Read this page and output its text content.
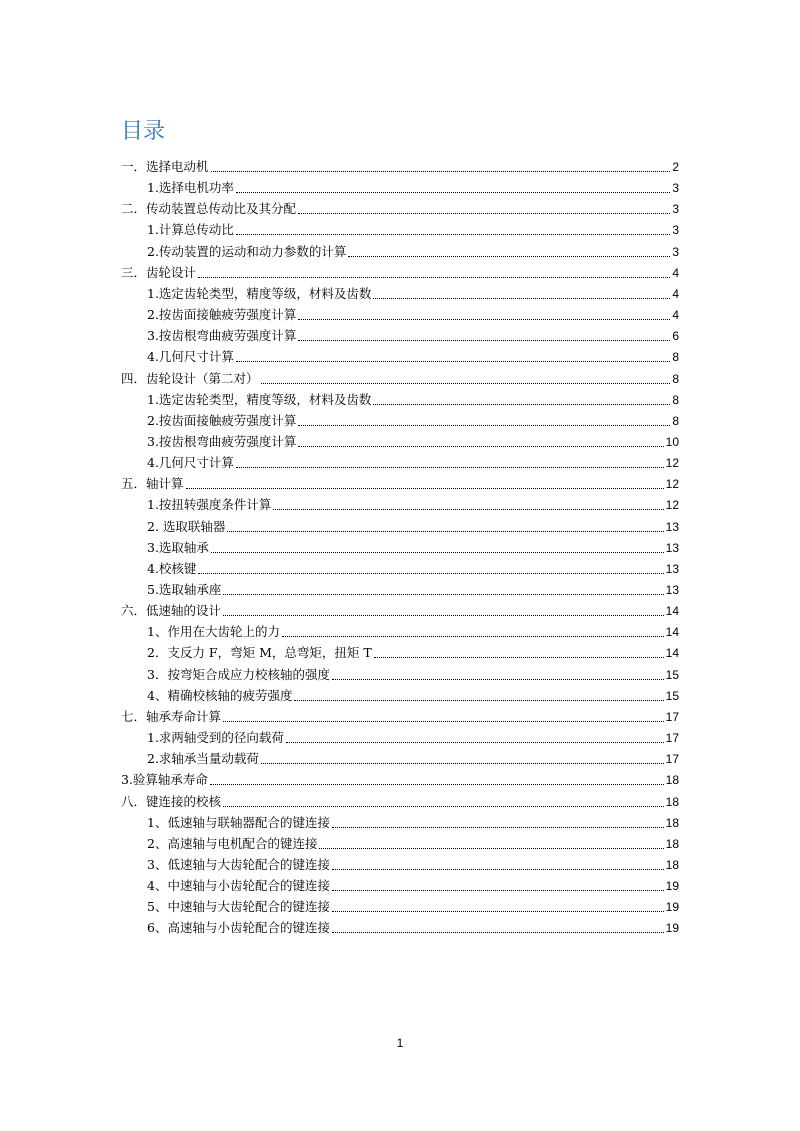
目录
一．选择电动机	2
1.选择电机功率	3
二．传动装置总传动比及其分配	3
1.计算总传动比	3
2.传动装置的运动和动力参数的计算	3
三．齿轮设计	4
1.选定齿轮类型，精度等级，材料及齿数	4
2.按齿面接触疲劳强度计算	4
3.按齿根弯曲疲劳强度计算	6
4.几何尺寸计算	8
四．齿轮设计（第二对）	8
1.选定齿轮类型，精度等级，材料及齿数	8
2.按齿面接触疲劳强度计算	8
3.按齿根弯曲疲劳强度计算	10
4.几何尺寸计算	12
五．轴计算	12
1.按扭转强度条件计算	12
2. 选取联轴器	13
3.选取轴承	13
4.校核键	13
5.选取轴承座	13
六．低速轴的设计	14
1、作用在大齿轮上的力	14
2．支反力 F，弯矩 M，总弯矩，扭矩 T	14
3．按弯矩合成应力校核轴的强度	15
4、精确校核轴的疲劳强度	15
七．轴承寿命计算	17
1.求两轴受到的径向载荷	17
2.求轴承当量动载荷	17
3.验算轴承寿命	18
八．键连接的校核	18
1、低速轴与联轴器配合的键连接	18
2、高速轴与电机配合的键连接	18
3、低速轴与大齿轮配合的键连接	18
4、中速轴与小齿轮配合的键连接	19
5、中速轴与大齿轮配合的键连接	19
6、高速轴与小齿轮配合的键连接	19
1
